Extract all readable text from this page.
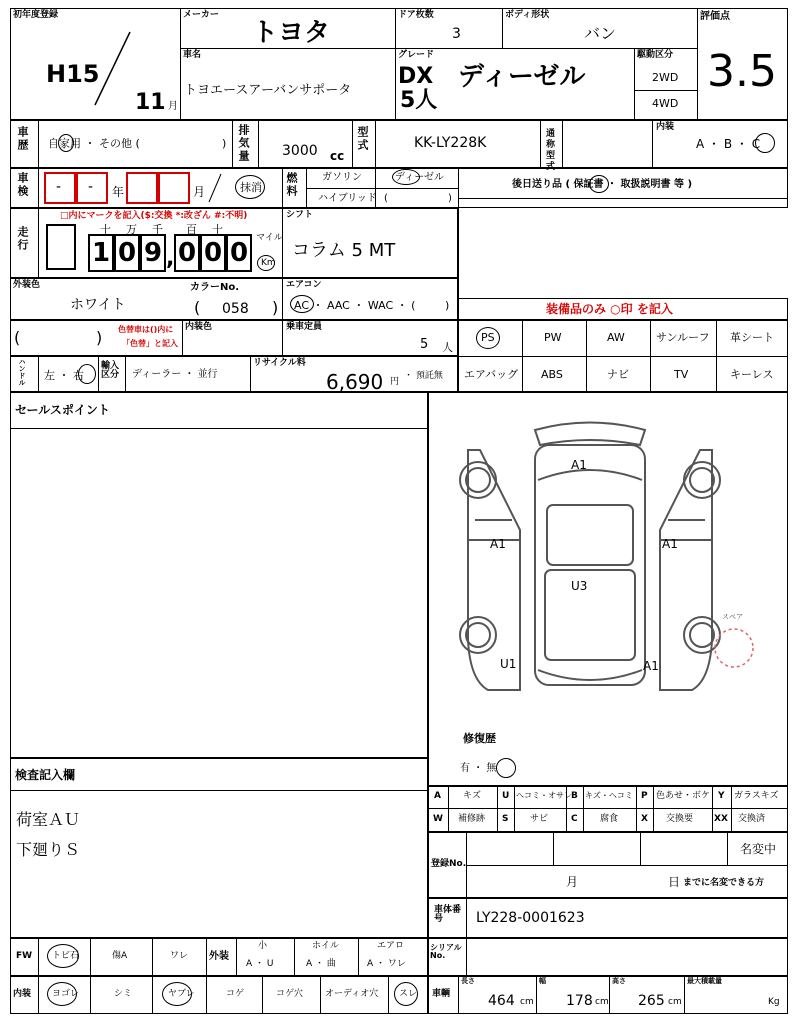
初年度登録
H15
11 月
メーカー
トヨタ
ドア枚数
3
ボディ形状
バン
評価点
3.5
車名
トヨエースアーバンサポータ
グレード
DX ディーゼル
5人
駆動区分
2WD
4WD
車歴 自家用 ・ その他 (	) 排気量 3000 cc
型式	KK-LY228K	通称型式
内装
A ・ B ・ C
車検 - - 年	月	抹消 燃料 ガソリン	ディーゼル
ハイブリッド (	)
後日送り品 ( 保証書 ・ 取扱説明書 等 )
走行
□内にマークを記入($:交換 *:改ざん #:不明)
十 万 千 百 十
1 0 9 , 0 0 0 マイル
Km
シフト
コラム 5 MT
外装色
ホワイト
カラーNo.
( 058 )
エアコン
AC ・ AAC ・ WAC ・ (	)	装備品のみ ○印 を記入
(	) 色替車は()内に
「色替」と記入
内装色	乗車定員
5 人
PS	PW	AW	サンルーフ 革シート
エアバッグ ABS	ナビ	TV	キーレス
ハンドル 左 ・ 右
輸入区分	ディーラー ・ 並行
リサイクル料
6,690 円
・ 預託無
セールスポイント
スペア
A1
A1	A1
U3
U1	A1
修復歴
有 ・ 無
検査記入欄
荷室ＡＵ
下廻りＳ
A キズ U ヘコミ・オサレ B キズ・ヘコミ P 色あせ・ボケ Y ガラスキズ
W 補修跡 S サビ	C 腐食	X 交換要 XX 交換済
登録No.
名変中
月	日 までに名変できる方
車体番号	LY228-0001623
FW トビ石	傷A	ワレ 外装
小
A ・ U
ホイル
A ・ 曲
エアロ
A ・ ワレ
シリアルNo.
内装 ヨゴレ	シミ	ヤブレ	コゲ	コゲ穴 オーディオ穴 スレ 車輌
長さ
464 cm
幅
178 cm
高さ
265 cm
最大積載量
Kg
